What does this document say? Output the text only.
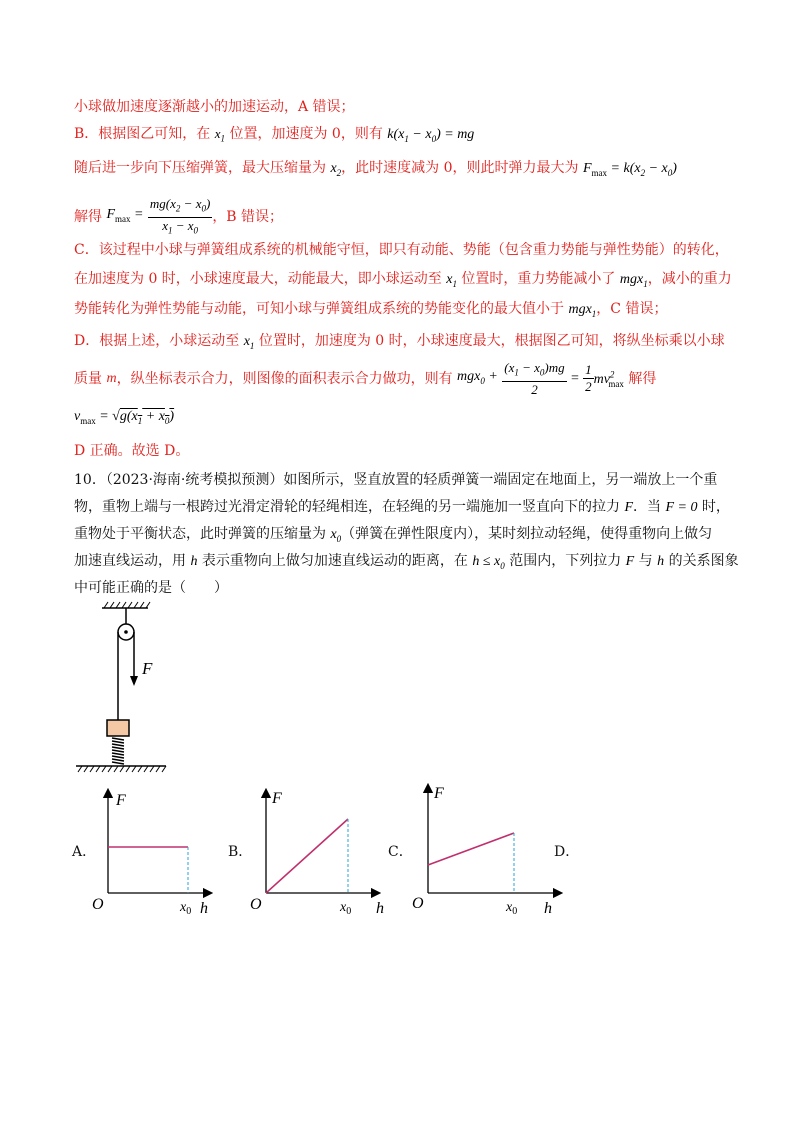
小球做加速度逐渐越小的加速运动，A 错误；
B．根据图乙可知，在 $x_1$ 位置，加速度为 0，则有 $k(x_1 - x_0)$ = mg
随后进一步向下压缩弹簧，最大压缩量为 $x_2$，此时速度减为 0，则此时弹力最大为 $F_{max} = k(x_2 - x_0)$
解得 $F_{max} = \frac{mg(x_2 - x_0)}{x_1 - x_0}$ ，B 错误；
C．该过程中小球与弹簧组成系统的机械能守恒，即只有动能、势能（包含重力势能与弹性势能）的转化，
在加速度为 0 时，小球速度最大，动能最大，即小球运动至 $x_1$ 位置时，重力势能减小了 mgx$_1$，减小的重力
势能转化为弹性势能与动能，可知小球与弹簧组成系统的势能变化的最大值小于 mgx$_1$，C 错误；
D．根据上述，小球运动至 $x_1$ 位置时，加速度为 0 时，小球速度最大，根据图乙可知，将纵坐标乘以小球
质量 m，纵坐标表示合力，则图像的面积表示合力做功，则有 $mgx_0 + \frac{(x_1 - x_0)mg}{2} = \frac{1}{2} mv^2_{max}$ 解得
$v_{max} = √g(x_1 + x_0)$
D 正确。故选 D。
10．（2023·海南·统考模拟预测）如图所示，竖直放置的轻质弹簧一端固定在地面上，另一端放上一个重
物，重物上端与一根跨过光滑定滑轮的轻绳相连，在轻绳的另一端施加一竖直向下的拉力 F．当 F = 0 时，
重物处于平衡状态，此时弹簧的压缩量为 $x_0$（弹簧在弹性限度内），某时刻拉动轻绳，使得重物向上做匀
加速直线运动，用 h 表示重物向上做匀加速直线运动的距离，在 $h \le x_0$ 范围内，下列拉力 F 与 h 的关系图象
中可能正确的是（　　）
F
A．	B．	C．	D．
F
O	$x_0$ h
F
O	$x_0$ h
F
O	$x_0$ h
